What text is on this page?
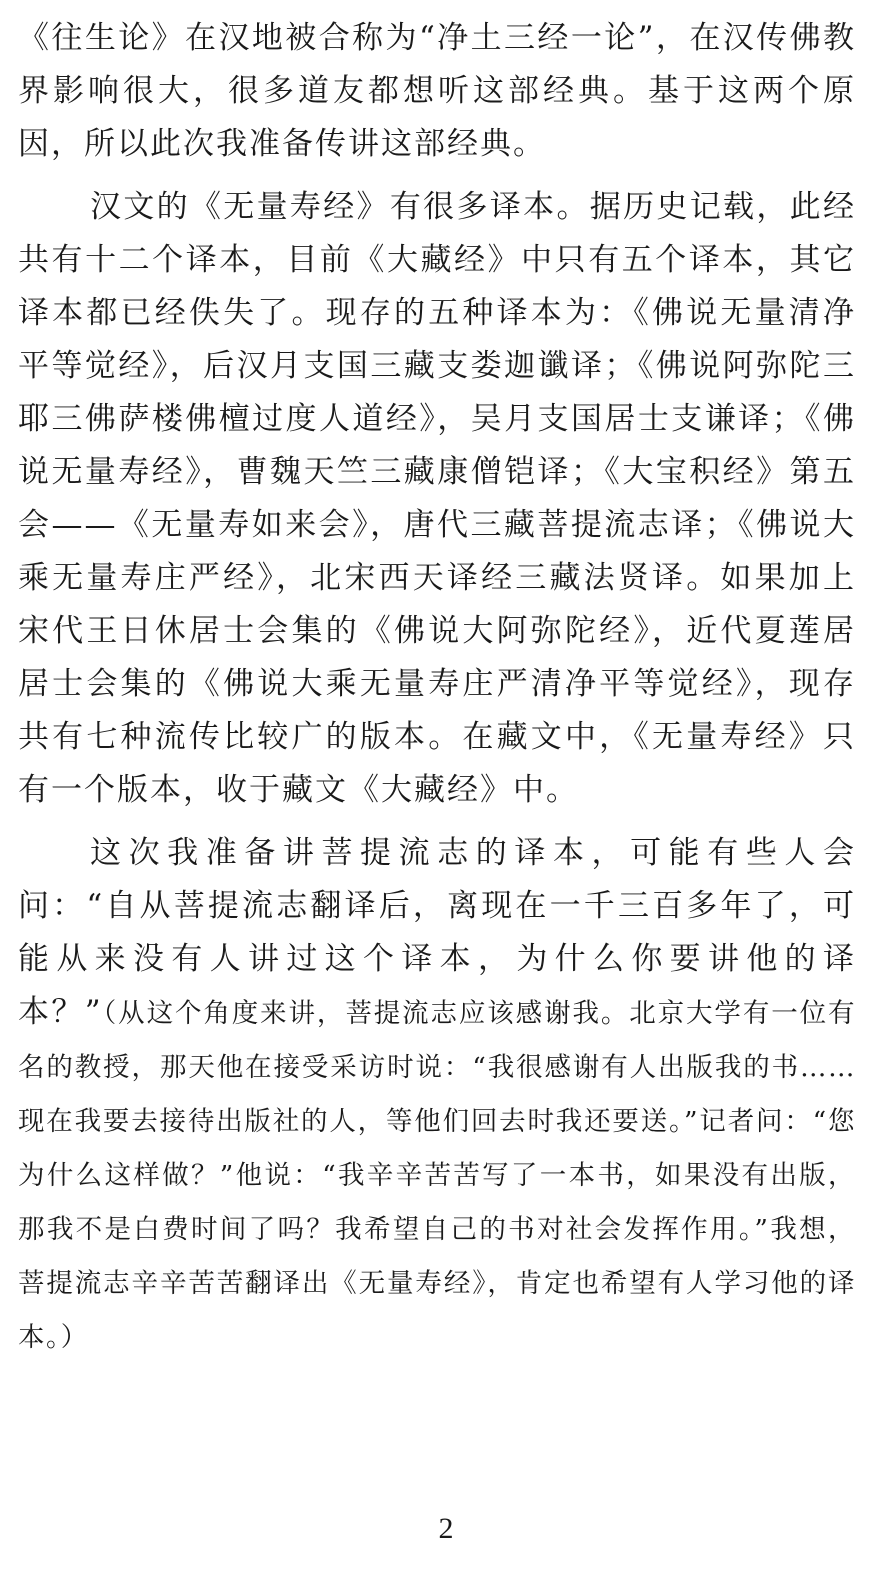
《往生论》在汉地被合称为“净土三经一论”，在汉传佛教界影响很大，很多道友都想听这部经典。基于这两个原因，所以此次我准备传讲这部经典。

汉文的《无量寿经》有很多译本。据历史记载，此经共有十二个译本，目前《大藏经》中只有五个译本，其它译本都已经佚失了。现存的五种译本为：《佛说无量清净平等觉经》，后汉月支国三藏支娄迦谶译；《佛说阿弥陀三耶三佛萨楼佛檀过度人道经》，吴月支国居士支谦译；《佛说无量寿经》，曹魏天竺三藏康僧铠译；《大宝积经》第五会——《无量寿如来会》，唐代三藏菩提流志译；《佛说大乘无量寿庄严经》，北宋西天译经三藏法贤译。如果加上宋代王日休居士会集的《佛说大阿弥陀经》，近代夏莲居居士会集的《佛说大乘无量寿庄严清净平等觉经》，现存共有七种流传比较广的版本。在藏文中，《无量寿经》只有一个版本，收于藏文《大藏经》中。

这次我准备讲菩提流志的译本，可能有些人会问：“自从菩提流志翻译后，离现在一千三百多年了，可能从来没有人讲过这个译本，为什么你要讲他的译本？”（从这个角度来讲，菩提流志应该感谢我。北京大学有一位有名的教授，那天他在接受采访时说：“我很感谢有人出版我的书……现在我要去接待出版社的人，等他们回去时我还要送。”记者问：“您为什么这样做？”他说：“我辛辛苦苦写了一本书，如果没有出版，那我不是白费时间了吗？我希望自己的书对社会发挥作用。”我想，菩提流志辛辛苦苦翻译出《无量寿经》，肯定也希望有人学习他的译本。）

2
